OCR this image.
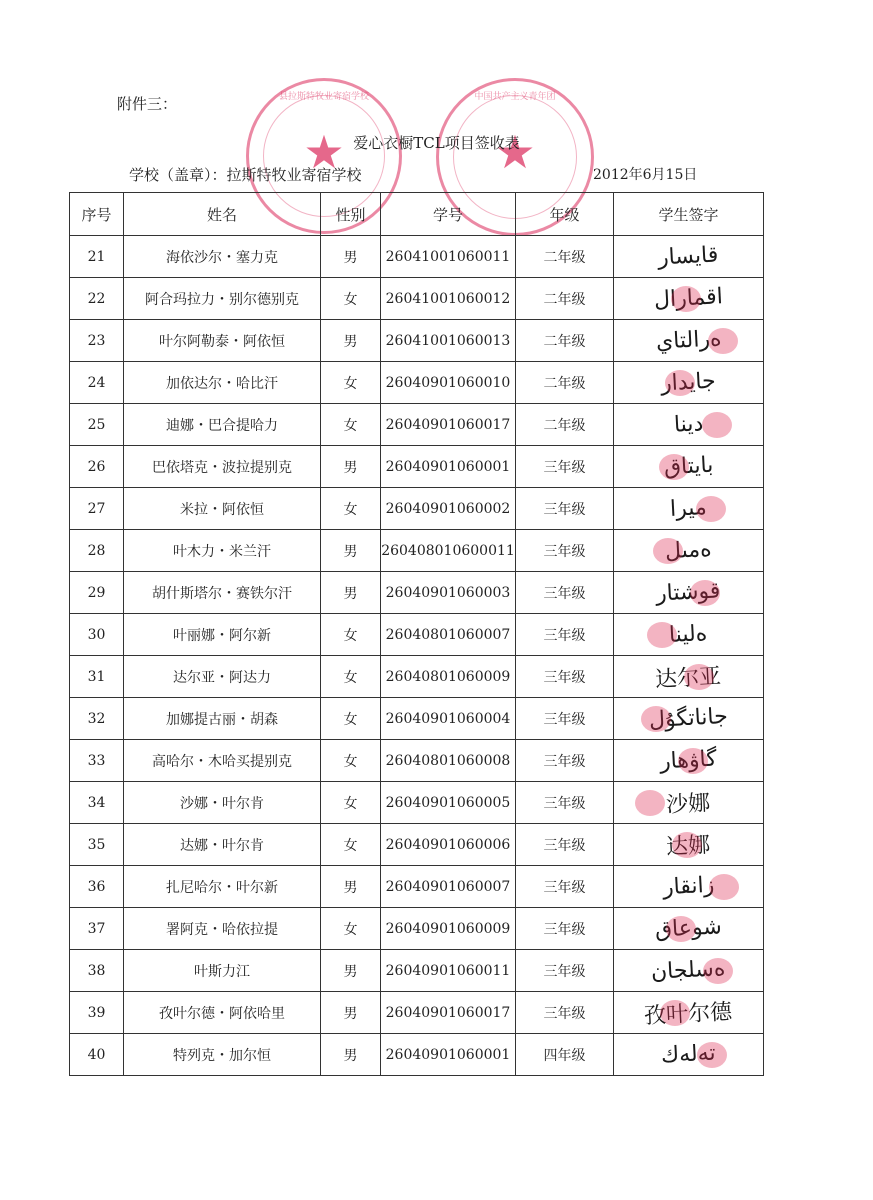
附件三：	县拉斯特牧业寄宿学校
★
中国共产主义青年团
★
爱心衣橱TCL项目签收表
学校（盖章）：拉斯特牧业寄宿学校	2012年6月15日
序号	姓名	性别	学号	年级	学生签字
21	海依沙尔・塞力克	男	26041001060011	二年级	قايسار
22	阿合玛拉力・别尔德别克	女	26041001060012	二年级	اقمارال

23	叶尔阿勒泰・阿依恒	男	26041001060013	二年级	ەرالتاي

24	加依达尔・哈比汗	女	26040901060010	二年级	جايدار

25	迪娜・巴合提哈力	女	26040901060017	二年级	دينا

26	巴依塔克・波拉提别克	男	26040901060001	三年级	بايتاق

27	米拉・阿依恒	女	26040901060002	三年级	ميرا

28	叶木力・米兰汗	男	260408010600011	三年级	ەمىل

29	胡什斯塔尔・赛铁尔汗	男	26040901060003	三年级	قوشتار

30	叶丽娜・阿尔新	女	26040801060007	三年级	ەلينا

31	达尔亚・阿达力	女	26040801060009	三年级	达尔亚

32	加娜提古丽・胡森	女	26040901060004	三年级	جاناتگۇل

33	高哈尔・木哈买提别克	女	26040801060008	三年级	گاۋھار

34	沙娜・叶尔肯	女	26040901060005	三年级	沙娜

35	达娜・叶尔肯	女	26040901060006	三年级	达娜

36	扎尼哈尔・叶尔新	男	26040901060007	三年级	زانقار

37	署阿克・哈依拉提	女	26040901060009	三年级	شوعاق

38	叶斯力江	男	26040901060011	三年级	ەسلجان

39	孜叶尔德・阿依哈里	男	26040901060017	三年级	孜叶尔德

40	特列克・加尔恒	男	26040901060001	四年级	تەلەك
